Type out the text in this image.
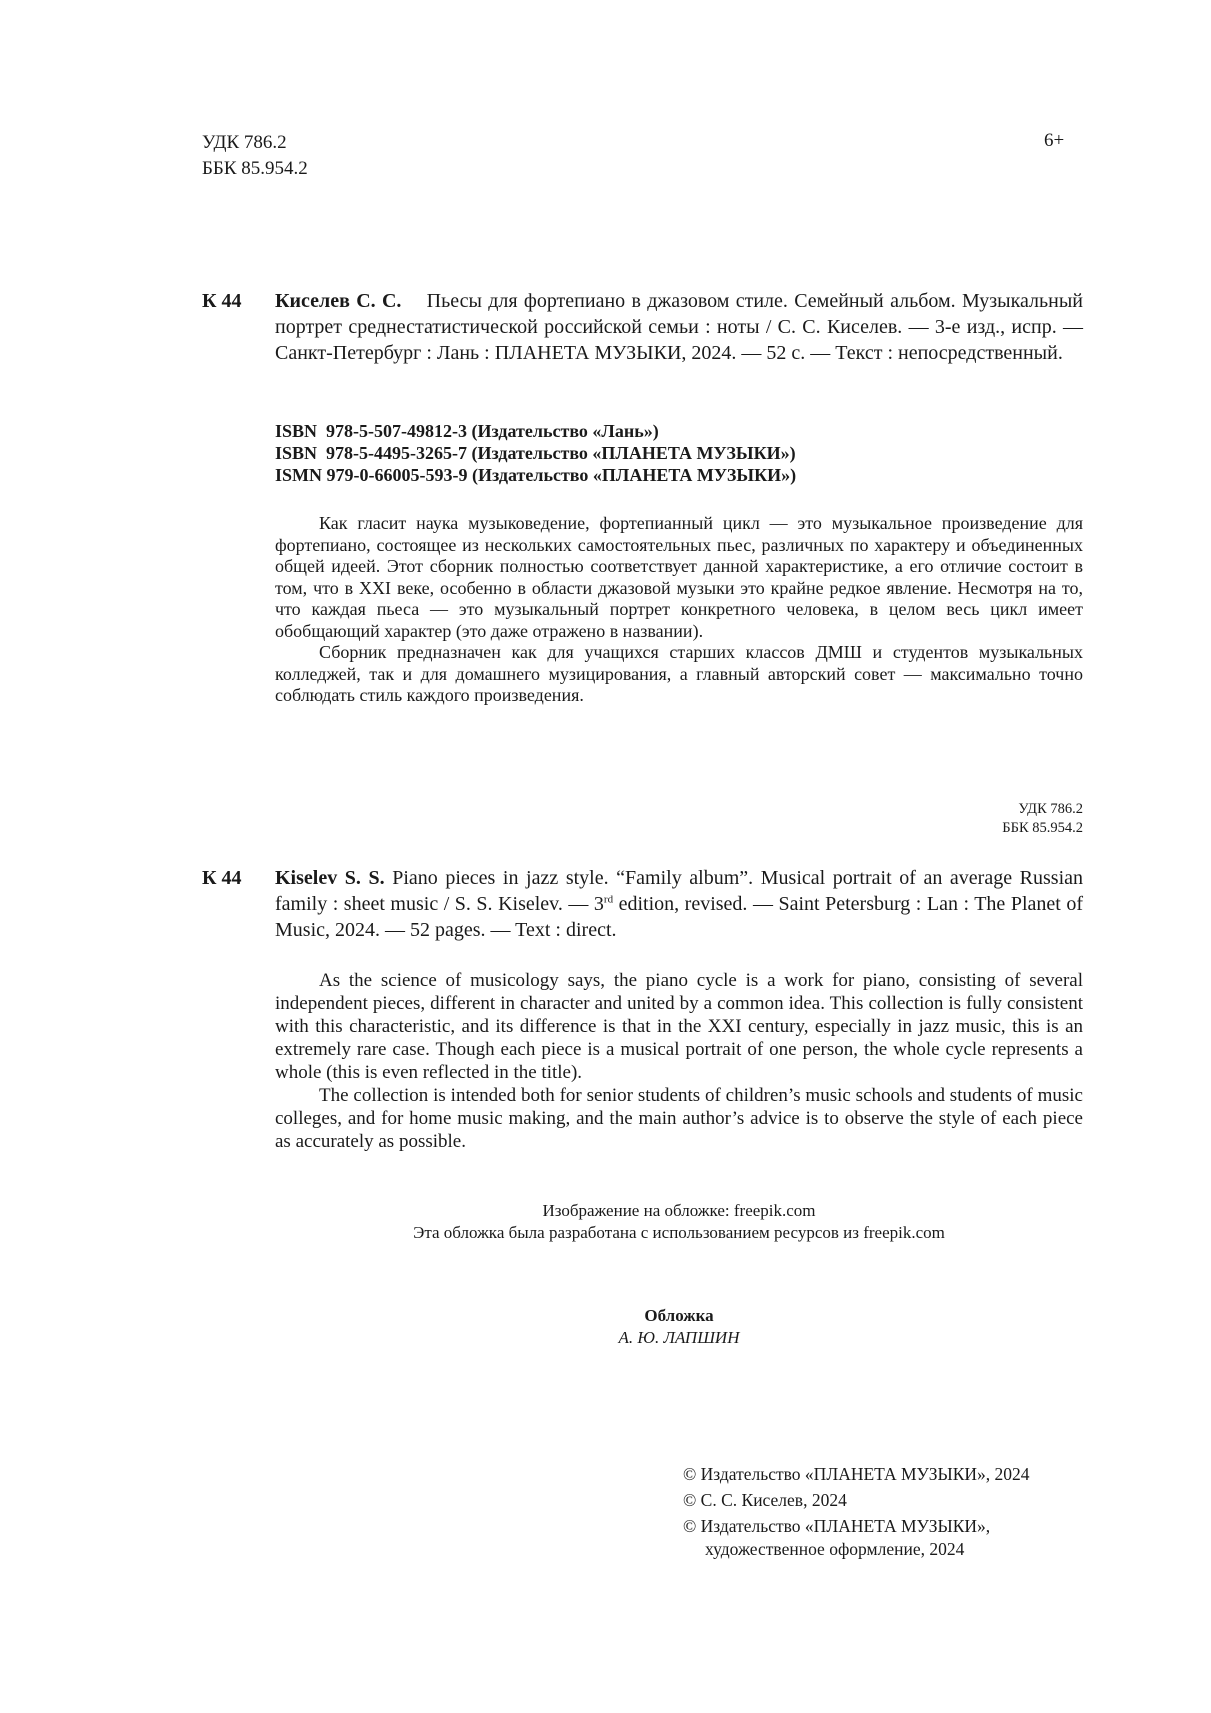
УДК 786.2
ББК 85.954.2
6+
К 44 Киселев С. С. Пьесы для фортепиано в джазовом стиле. Семейный альбом. Музыкальный портрет среднестатистической российской семьи : ноты / С. С. Киселев. — 3-е изд., испр. — Санкт-Петербург : Лань : ПЛАНЕТА МУЗЫКИ, 2024. — 52 с. — Текст : непосредственный.
ISBN  978-5-507-49812-3 (Издательство «Лань»)
ISBN  978-5-4495-3265-7 (Издательство «ПЛАНЕТА МУЗЫКИ»)
ISMN 979-0-66005-593-9 (Издательство «ПЛАНЕТА МУЗЫКИ»)

Как гласит наука музыковедение, фортепианный цикл — это музыкальное произведение для фортепиано, состоящее из нескольких самостоятельных пьес, различных по характеру и объединенных общей идеей. Этот сборник полностью соответствует данной характеристике, а его отличие состоит в том, что в XXI веке, особенно в области джазовой музыки это крайне редкое явление. Несмотря на то, что каждая пьеса — это музыкальный портрет конкретного человека, в целом весь цикл имеет обобщающий характер (это даже отражено в названии).

Сборник предназначен как для учащихся старших классов ДМШ и студентов музыкальных колледжей, так и для домашнего музицирования, а главный авторский совет — максимально точно соблюдать стиль каждого произведения.

УДК 786.2
ББК 85.954.2
К 44 Kiselev S. S. Piano pieces in jazz style. “Family album”. Musical portrait of an average Russian family : sheet music / S. S. Kiselev. — 3rd edition, revised. — Saint Petersburg : Lan : The Planet of Music, 2024. — 52 pages. — Text : direct.

As the science of musicology says, the piano cycle is a work for piano, consisting of several independent pieces, different in character and united by a common idea. This collection is fully consistent with this characteristic, and its difference is that in the XXI century, especially in jazz music, this is an extremely rare case. Though each piece is a musical portrait of one person, the whole cycle represents a whole (this is even reflected in the title).

The collection is intended both for senior students of children’s music schools and students of music colleges, and for home music making, and the main author’s advice is to observe the style of each piece as accurately as possible.

Изображение на обложке: freepik.com
Эта обложка была разработана с использованием ресурсов из freepik.com
Обложка
А. Ю. ЛАПШИН
© Издательство «ПЛАНЕТА МУЗЫКИ», 2024
© С. С. Киселев, 2024
© Издательство «ПЛАНЕТА МУЗЫКИ»,
художественное оформление, 2024
